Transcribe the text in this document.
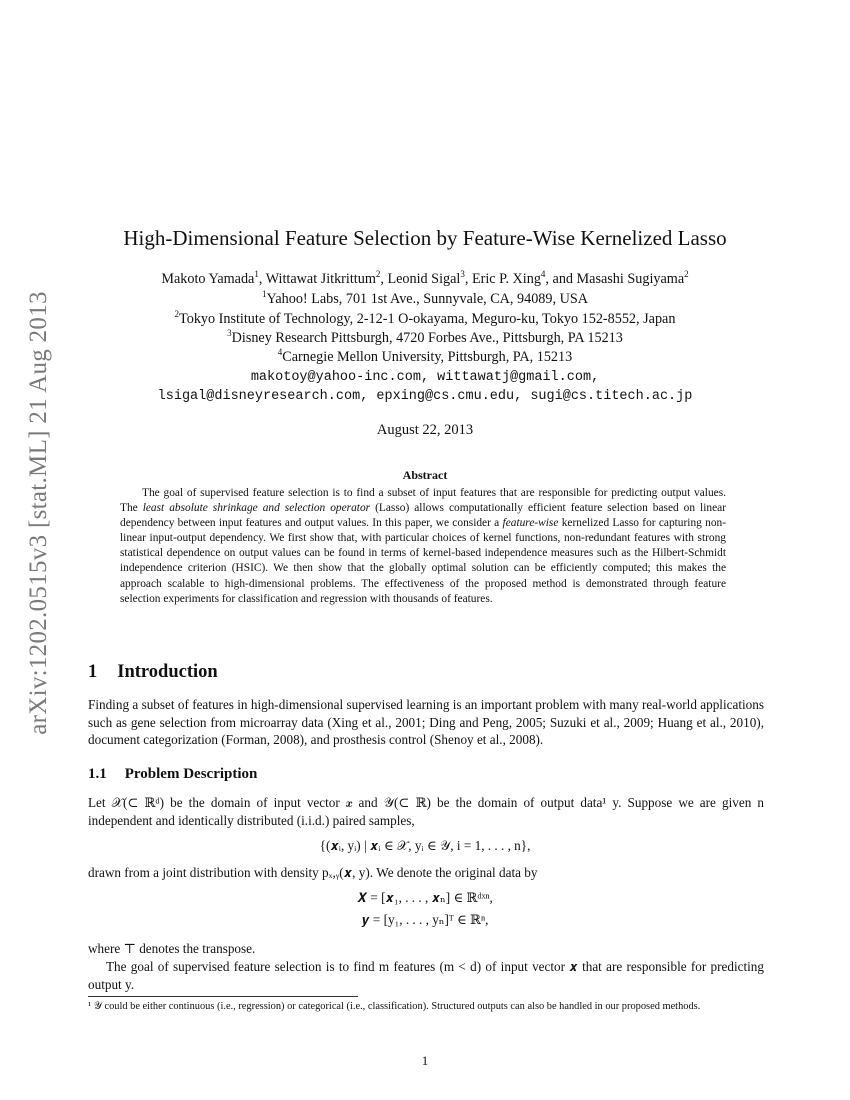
arXiv:1202.0515v3 [stat.ML] 21 Aug 2013
High-Dimensional Feature Selection by Feature-Wise Kernelized Lasso
Makoto Yamada$^1$, Wittawat Jitkrittum$^2$, Leonid Sigal$^3$, Eric P. Xing$^4$, and Masashi Sugiyama$^2$
$^1$Yahoo! Labs, 701 1st Ave., Sunnyvale, CA, 94089, USA
$^2$Tokyo Institute of Technology, 2-12-1 O-okayama, Meguro-ku, Tokyo 152-8552, Japan
$^3$Disney Research Pittsburgh, 4720 Forbes Ave., Pittsburgh, PA 15213
$^4$Carnegie Mellon University, Pittsburgh, PA, 15213
makotoy@yahoo-inc.com, wittawatj@gmail.com,
lsigal@disneyresearch.com, epxing@cs.cmu.edu, sugi@cs.titech.ac.jp
August 22, 2013
Abstract
The goal of supervised feature selection is to find a subset of input features that are responsible for predicting output values. The least absolute shrinkage and selection operator (Lasso) allows computationally efficient feature selection based on linear dependency between input features and output values. In this paper, we consider a feature-wise kernelized Lasso for capturing non-linear input-output dependency. We first show that, with particular choices of kernel functions, non-redundant features with strong statistical dependence on output values can be found in terms of kernel-based independence measures such as the Hilbert-Schmidt independence criterion (HSIC). We then show that the globally optimal solution can be efficiently computed; this makes the approach scalable to high-dimensional problems. The effectiveness of the proposed method is demonstrated through feature selection experiments for classification and regression with thousands of features.
1 Introduction
Finding a subset of features in high-dimensional supervised learning is an important problem with many real-world applications such as gene selection from microarray data (Xing et al., 2001; Ding and Peng, 2005; Suzuki et al., 2009; Huang et al., 2010), document categorization (Forman, 2008), and prosthesis control (Shenoy et al., 2008).
1.1 Problem Description
Let 𝒳(⊂ ℝᵈ) be the domain of input vector 𝒙 and 𝒴(⊂ ℝ) be the domain of output data¹ y. Suppose we are given n independent and identically distributed (i.i.d.) paired samples,
{(𝒙ᵢ, yᵢ) | 𝒙ᵢ ∈ 𝒳, yᵢ ∈ 𝒴, i = 1, . . . , n},
drawn from a joint distribution with density pₓ,ᵧ(𝒙, y). We denote the original data by
𝑿 = [𝒙₁, . . . , 𝒙ₙ] ∈ ℝᵈˣⁿ,
𝒚 = [y₁, . . . , yₙ]ᵀ ∈ ℝⁿ,
where ⊤ denotes the transpose.
The goal of supervised feature selection is to find m features (m < d) of input vector 𝒙 that are responsible for predicting output y.
¹ 𝒴 could be either continuous (i.e., regression) or categorical (i.e., classification). Structured outputs can also be handled in our proposed methods.
1
